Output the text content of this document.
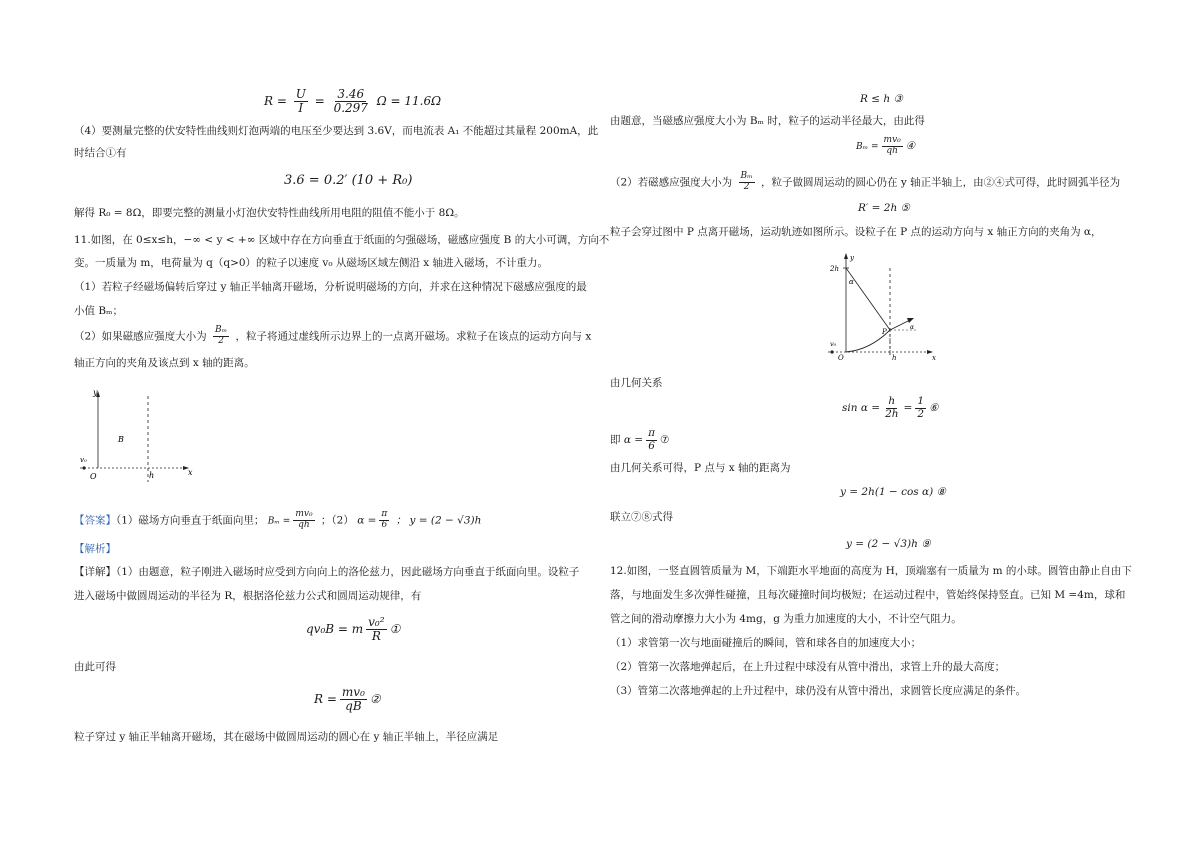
$R = \frac{U}{I} = \frac{3.46}{0.297}$ Ω = 11.6Ω
（4）要测量完整的伏安特性曲线则灯泡两端的电压至少要达到 3.6V，而电流表 A₁ 不能超过其量程 200mA，此
时结合①有
3.6 = 0.2′ (10 + R₀)
解得 R₀ = 8Ω，即要完整的测量小灯泡伏安特性曲线所用电阻的阻值不能小于 8Ω。
11.如图，在 0≤x≤h，−∞ < y < +∞ 区域中存在方向垂直于纸面的匀强磁场，磁感应强度 B 的大小可调，方向不
变。一质量为 m，电荷量为 q（q>0）的粒子以速度 v₀ 从磁场区域左侧沿 x 轴进入磁场，不计重力。
（1）若粒子经磁场偏转后穿过 y 轴正半轴离开磁场，分析说明磁场的方向，并求在这种情况下磁感应强度的最
小值 Bₘ；
（2）如果磁感应强度大小为 $\frac{\text{Bₘ}}{2}$ ，粒子将通过虚线所示边界上的一点离开磁场。求粒子在该点的运动方向与 x
轴正方向的夹角及该点到 x 轴的距离。
y
B
v₀
O	h	x
【答案】（1）磁场方向垂直于纸面向里； $B_m = \frac{\text{mv₀}}{qh}$ ；（2） $\alpha = \frac{\pi}{6}$ ； y = (2 − √3)h
【解析】
【详解】（1）由题意，粒子刚进入磁场时应受到方向向上的洛伦兹力，因此磁场方向垂直于纸面向里。设粒子
进入磁场中做圆周运动的半径为 R，根据洛伦兹力公式和圆周运动规律，有
qv₀B = m $\frac{\text{v₀²}}{R}$ ①
由此可得
$R = \frac{\text{mv₀}}{qB}$ ②
粒子穿过 y 轴正半轴离开磁场，其在磁场中做圆周运动的圆心在 y 轴正半轴上，半径应满足
R ≤ h ③
由题意，当磁感应强度大小为 Bₘ 时，粒子的运动半径最大，由此得
$B_m = \frac{\text{mv₀}}{qh}$ ④
（2）若磁感应强度大小为 $\frac{\text{Bₘ}}{2}$ ，粒子做圆周运动的圆心仍在 y 轴正半轴上，由②④式可得，此时圆弧半径为
R′ = 2h ⑤
粒子会穿过图中 P 点离开磁场，运动轨迹如图所示。设粒子在 P 点的运动方向与 x 轴正方向的夹角为 α，
y
2h
α
v₀
O
P
h	x
α
由几何关系
$\sin \alpha = \frac{h}{2h} = \frac{1}{2}$ ⑥
即 $\alpha = \frac{\pi}{6}$ ⑦
由几何关系可得，P 点与 x 轴的距离为
y = 2h(1 − cos α) ⑧
联立⑦⑧式得
y = (2 − √3)h ⑨
12.如图，一竖直圆管质量为 M，下端距水平地面的高度为 H，顶端塞有一质量为 m 的小球。圆管由静止自由下
落，与地面发生多次弹性碰撞，且每次碰撞时间均极短；在运动过程中，管始终保持竖直。已知 M =4m，球和
管之间的滑动摩擦力大小为 4mg，g 为重力加速度的大小，不计空气阻力。
（1）求管第一次与地面碰撞后的瞬间，管和球各自的加速度大小；
（2）管第一次落地弹起后，在上升过程中球没有从管中滑出，求管上升的最大高度；
（3）管第二次落地弹起的上升过程中，球仍没有从管中滑出，求圆管长度应满足的条件。
